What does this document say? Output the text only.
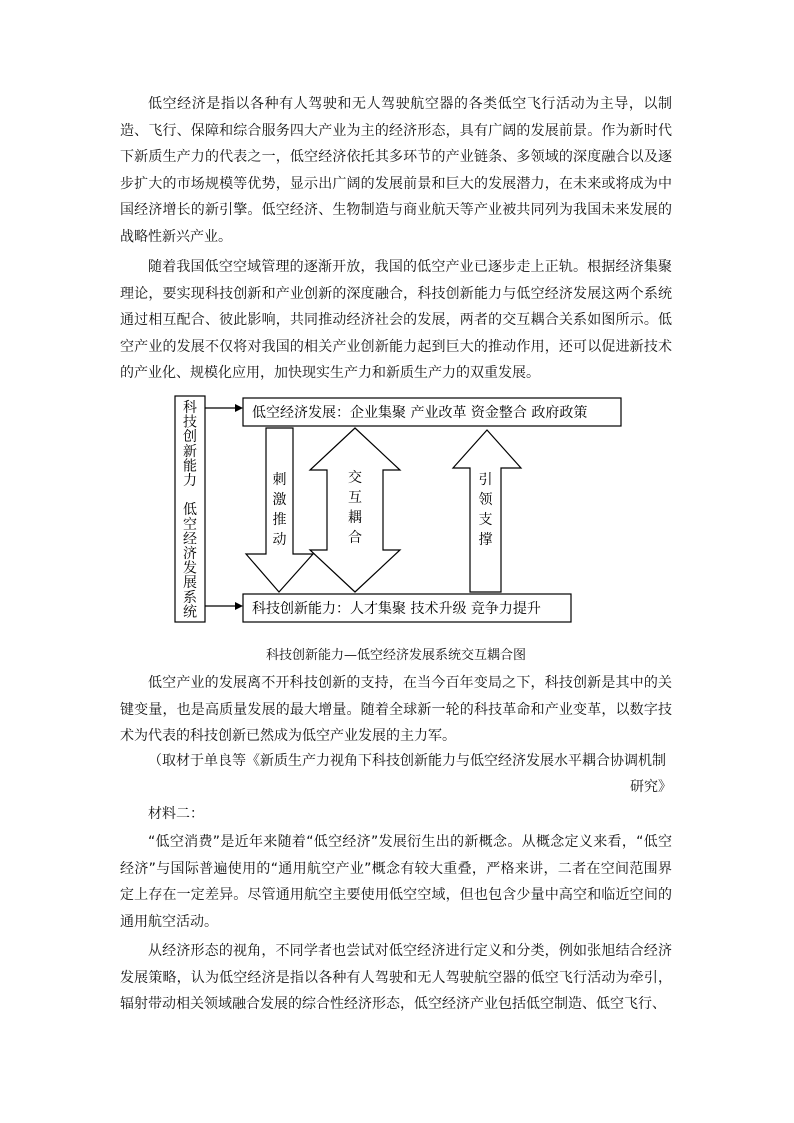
低空经济是指以各种有人驾驶和无人驾驶航空器的各类低空飞行活动为主导，以制造、飞行、保障和综合服务四大产业为主的经济形态，具有广阔的发展前景。作为新时代下新质生产力的代表之一，低空经济依托其多环节的产业链条、多领域的深度融合以及逐步扩大的市场规模等优势，显示出广阔的发展前景和巨大的发展潜力，在未来或将成为中国经济增长的新引擎。低空经济、生物制造与商业航天等产业被共同列为我国未来发展的战略性新兴产业。

随着我国低空空域管理的逐渐开放，我国的低空产业已逐步走上正轨。根据经济集聚理论，要实现科技创新和产业创新的深度融合，科技创新能力与低空经济发展这两个系统通过相互配合、彼此影响，共同推动经济社会的发展，两者的交互耦合关系如图所示。低空产业的发展不仅将对我国的相关产业创新能力起到巨大的推动作用，还可以促进新技术的产业化、规模化应用，加快现实生产力和新质生产力的双重发展。

科
技
创
新
能
力
低
空
经
济
发
展
系
统
低空经济发展：企业集聚 产业改革 资金整合 政府政策
科技创新能力：人才集聚 技术升级 竞争力提升
刺
激
推
动
交
互
耦
合
引
领
支
撑
科技创新能力—低空经济发展系统交互耦合图

低空产业的发展离不开科技创新的支持，在当今百年变局之下，科技创新是其中的关键变量，也是高质量发展的最大增量。随着全球新一轮的科技革命和产业变革，以数字技术为代表的科技创新已然成为低空产业发展的主力军。

（取材于单良等《新质生产力视角下科技创新能力与低空经济发展水平耦合协调机制
研究》
材料二：

“低空消费”是近年来随着“低空经济”发展衍生出的新概念。从概念定义来看，“低空经济”与国际普遍使用的“通用航空产业”概念有较大重叠，严格来讲，二者在空间范围界定上存在一定差异。尽管通用航空主要使用低空空域，但也包含少量中高空和临近空间的通用航空活动。

从经济形态的视角，不同学者也尝试对低空经济进行定义和分类，例如张旭结合经济发展策略，认为低空经济是指以各种有人驾驶和无人驾驶航空器的低空飞行活动为牵引，辐射带动相关领域融合发展的综合性经济形态，低空经济产业包括低空制造、低空飞行、
